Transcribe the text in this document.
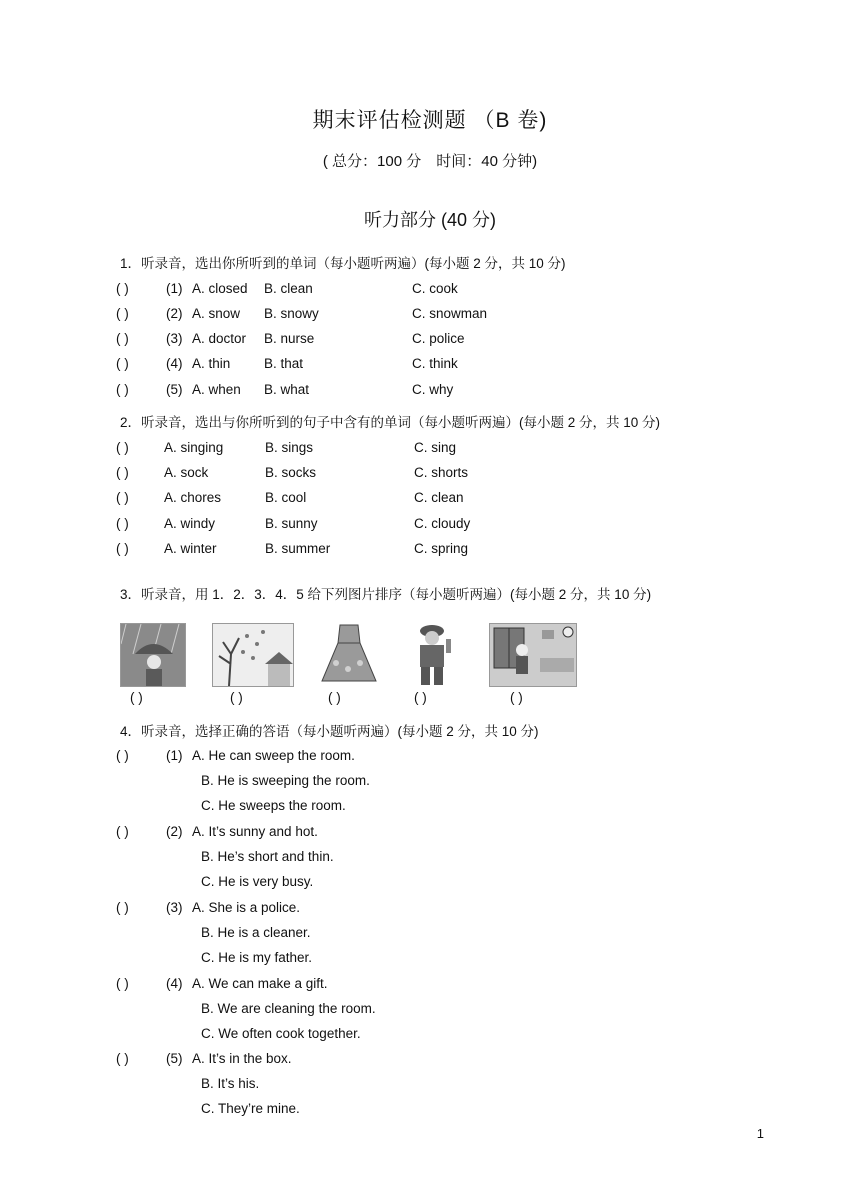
期末评估检测题 （B 卷)
( 总分：100 分　时间：40 分钟)
听力部分 (40 分)
1．听录音，选出你所听到的单词（每小题听两遍）(每小题 2 分，共 10 分)
( )	(1) A. closed B. clean	C. cook
( )	(2) A. snow B. snowy	C. snowman
( )	(3) A. doctor B. nurse	C. police
( )	(4) A. thin B. that	C. think
( )	(5) A. when B. what	C. why
2．听录音，选出与你所听到的句子中含有的单词（每小题听两遍）(每小题 2 分，共 10 分)
( )	A. singing	B. sings	C. sing
( )	A. sock	B. socks	C. shorts
( )	A. chores	B. cool	C. clean
( )	A. windy	B. sunny	C. cloudy
( )	A. winter	B. summer	C. spring
3．听录音，用 1．2．3．4．5 给下列图片排序（每小题听两遍）(每小题 2 分，共 10 分)
( )	( )	( )	( )	( )
4．听录音，选择正确的答语（每小题听两遍）(每小题 2 分，共 10 分)
( )	(1) A. He can sweep the room.
B. He is sweeping the room.
C. He sweeps the room.
( )	(2) A. It’s sunny and hot.
B. He’s short and thin.
C. He is very busy.
( )	(3) A. She is a police.
B. He is a cleaner.
C. He is my father.
( )	(4) A. We can make a gift.
B. We are cleaning the room.
C. We often cook together.
( )	(5) A. It’s in the box.
B. It’s his.
C. They’re mine.
1
